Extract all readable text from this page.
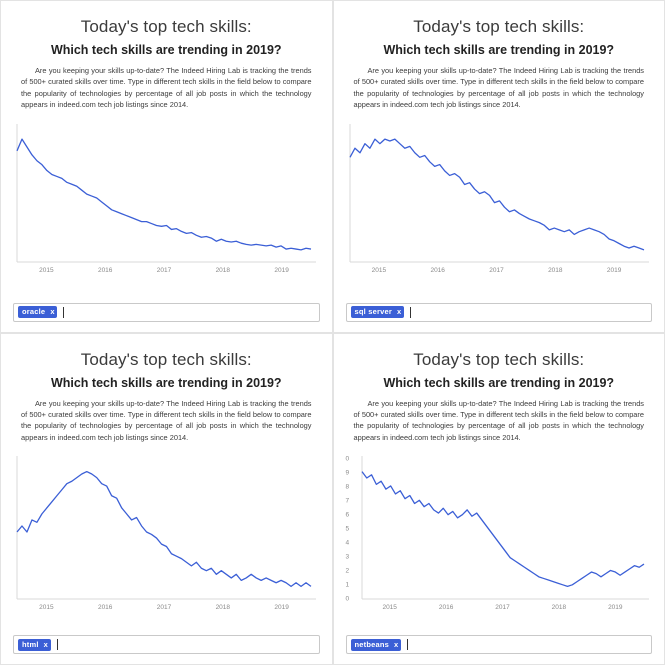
Today's top tech skills:
Which tech skills are trending in 2019?
Are you keeping your skills up-to-date? The Indeed Hiring Lab is tracking the trends of 500+ curated skills over time. Type in different tech skills in the field below to compare the popularity of technologies by percentage of all job posts in which the technology appears in indeed.com tech job listings since 2014.
2015	2016	2017	2018	2019
oracle x
Today's top tech skills:
Which tech skills are trending in 2019?
Are you keeping your skills up-to-date? The Indeed Hiring Lab is tracking the trends of 500+ curated skills over time. Type in different tech skills in the field below to compare the popularity of technologies by percentage of all job posts in which the technology appears in indeed.com tech job listings since 2014.
2015	2016	2017	2018	2019
sql server x
Today's top tech skills:
Which tech skills are trending in 2019?
Are you keeping your skills up-to-date? The Indeed Hiring Lab is tracking the trends of 500+ curated skills over time. Type in different tech skills in the field below to compare the popularity of technologies by percentage of all job posts in which the technology appears in indeed.com tech job listings since 2014.
2015	2016	2017	2018	2019
html x
Today's top tech skills:
Which tech skills are trending in 2019?
Are you keeping your skills up-to-date? The Indeed Hiring Lab is tracking the trends of 500+ curated skills over time. Type in different tech skills in the field below to compare the popularity of technologies by percentage of all job posts in which the technology appears in indeed.com tech job listings since 2014.
0
9
8
7
6
5
4
3
2
1
0
2015	2016	2017	2018	2019
netbeans x
